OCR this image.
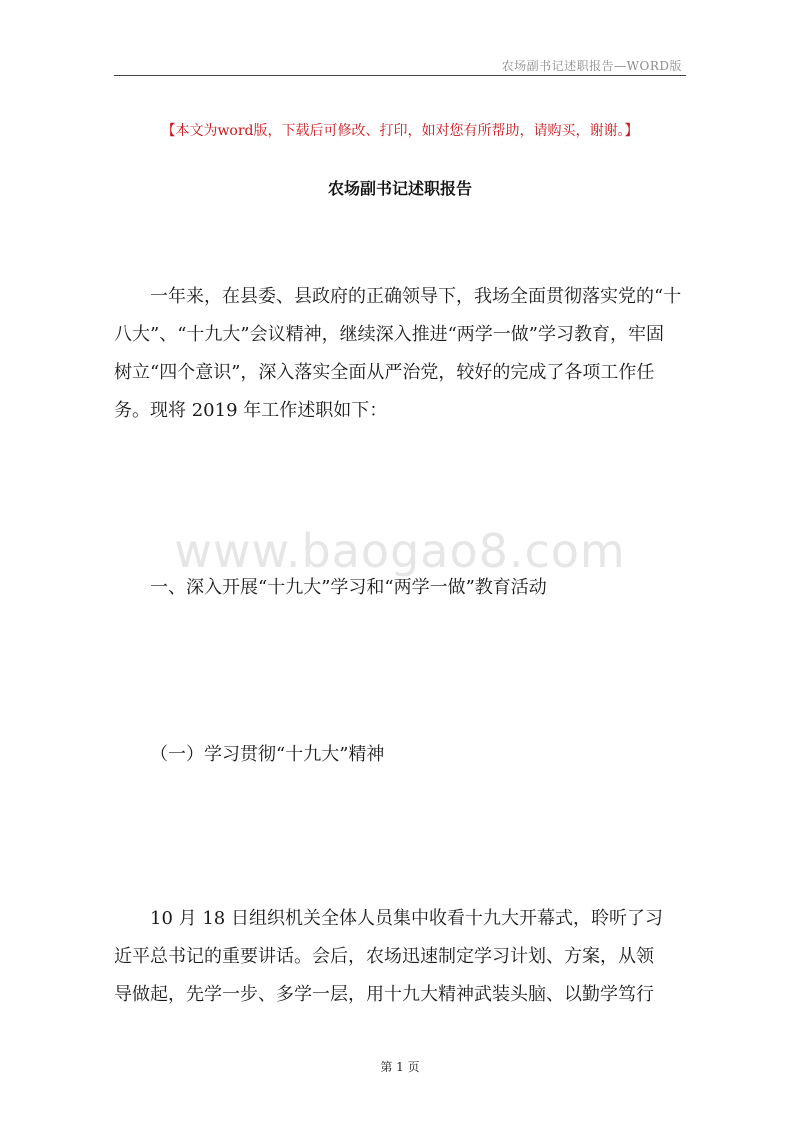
农场副书记述职报告—WORD版
【本文为word版，下载后可修改、打印，如对您有所帮助，请购买，谢谢。】
农场副书记述职报告
一年来，在县委、县政府的正确领导下，我场全面贯彻落实党的“十
八大”、“十九大”会议精神，继续深入推进“两学一做”学习教育，牢固
树立“四个意识”，深入落实全面从严治党，较好的完成了各项工作任
务。现将 2019 年工作述职如下：
www.baogao8.com
一、深入开展“十九大”学习和“两学一做”教育活动
（一）学习贯彻“十九大”精神
10 月 18 日组织机关全体人员集中收看十九大开幕式，聆听了习
近平总书记的重要讲话。会后，农场迅速制定学习计划、方案，从领
导做起，先学一步、多学一层，用十九大精神武装头脑、以勤学笃行
第 1 页
